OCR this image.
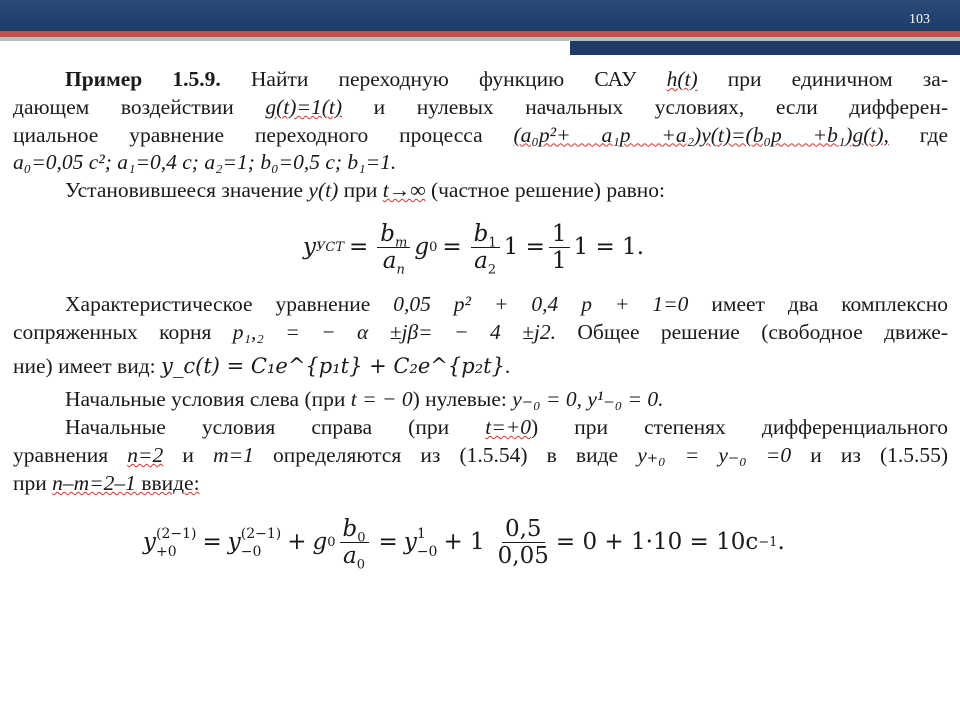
103
Пример 1.5.9. Найти переходную функцию САУ h(t) при единичном за-
дающем воздействии g(t)=1(t) и нулевых начальных условиях, если дифферен-
циальное уравнение переходного процесса (a₀p²+ a₁p +a₂)y(t)=(b₀p +b₁)g(t), где
a₀=0,05 c²; a₁=0,4 c; a₂=1; b₀=0,5 c; b₁=1.
Установившееся значение y(t) при t→∞ (частное решение) равно:
y УСТ = $\frac{b_m}{a_n}$ g $0 = \frac{b_1}{a_2} 1 = \frac{1}{1} 1 = 1$.
Характеристическое уравнение 0,05 p² + 0,4 p + 1=0 имеет два комплексно
сопряженных корня p₁,₂ = − α ±jβ= − 4 ±j2. Общее решение (свободное движе-
ние) имеет вид: y_c(t) = C₁e^{p₁t} + C₂e^{p₂t}.
Начальные условия слева (при t = − 0) нулевые: y₋₀ = 0, y¹₋₀ = 0.
Начальные условия справа (при t=+0) при степенях дифференциального
уравнения n=2 и m=1 определяются из (1.5.54) в виде y₊₀ = y₋₀ =0 и из (1.5.55)
при n–m=2–1 ввиде:
y (2−1)
+0	= y (2−1)
−0	+ g $0 \frac{b_0}{a_0} = y$ 1
$-0 + 1 \frac{0,5}{0,05} = 0 + 1\cdot 10 = 10c -1$ .
